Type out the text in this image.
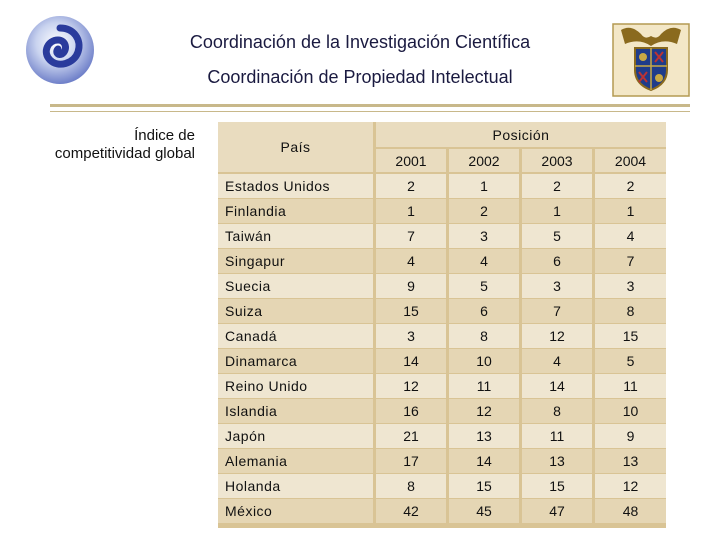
Coordinación de la Investigación Científica
Coordinación de Propiedad Intelectual
Índice de
competitividad global	País
Posición
2001	2002	2003	2004
Estados Unidos	2	1	2	2
Finlandia	1	2	1	1
Taiwán	7	3	5	4
Singapur	4	4	6	7
Suecia	9	5	3	3
Suiza	15	6	7	8
Canadá	3	8	12	15
Dinamarca	14	10	4	5
Reino Unido	12	11	14	11
Islandia	16	12	8	10
Japón	21	13	11	9
Alemania	17	14	13	13
Holanda	8	15	15	12
México	42	45	47	48
